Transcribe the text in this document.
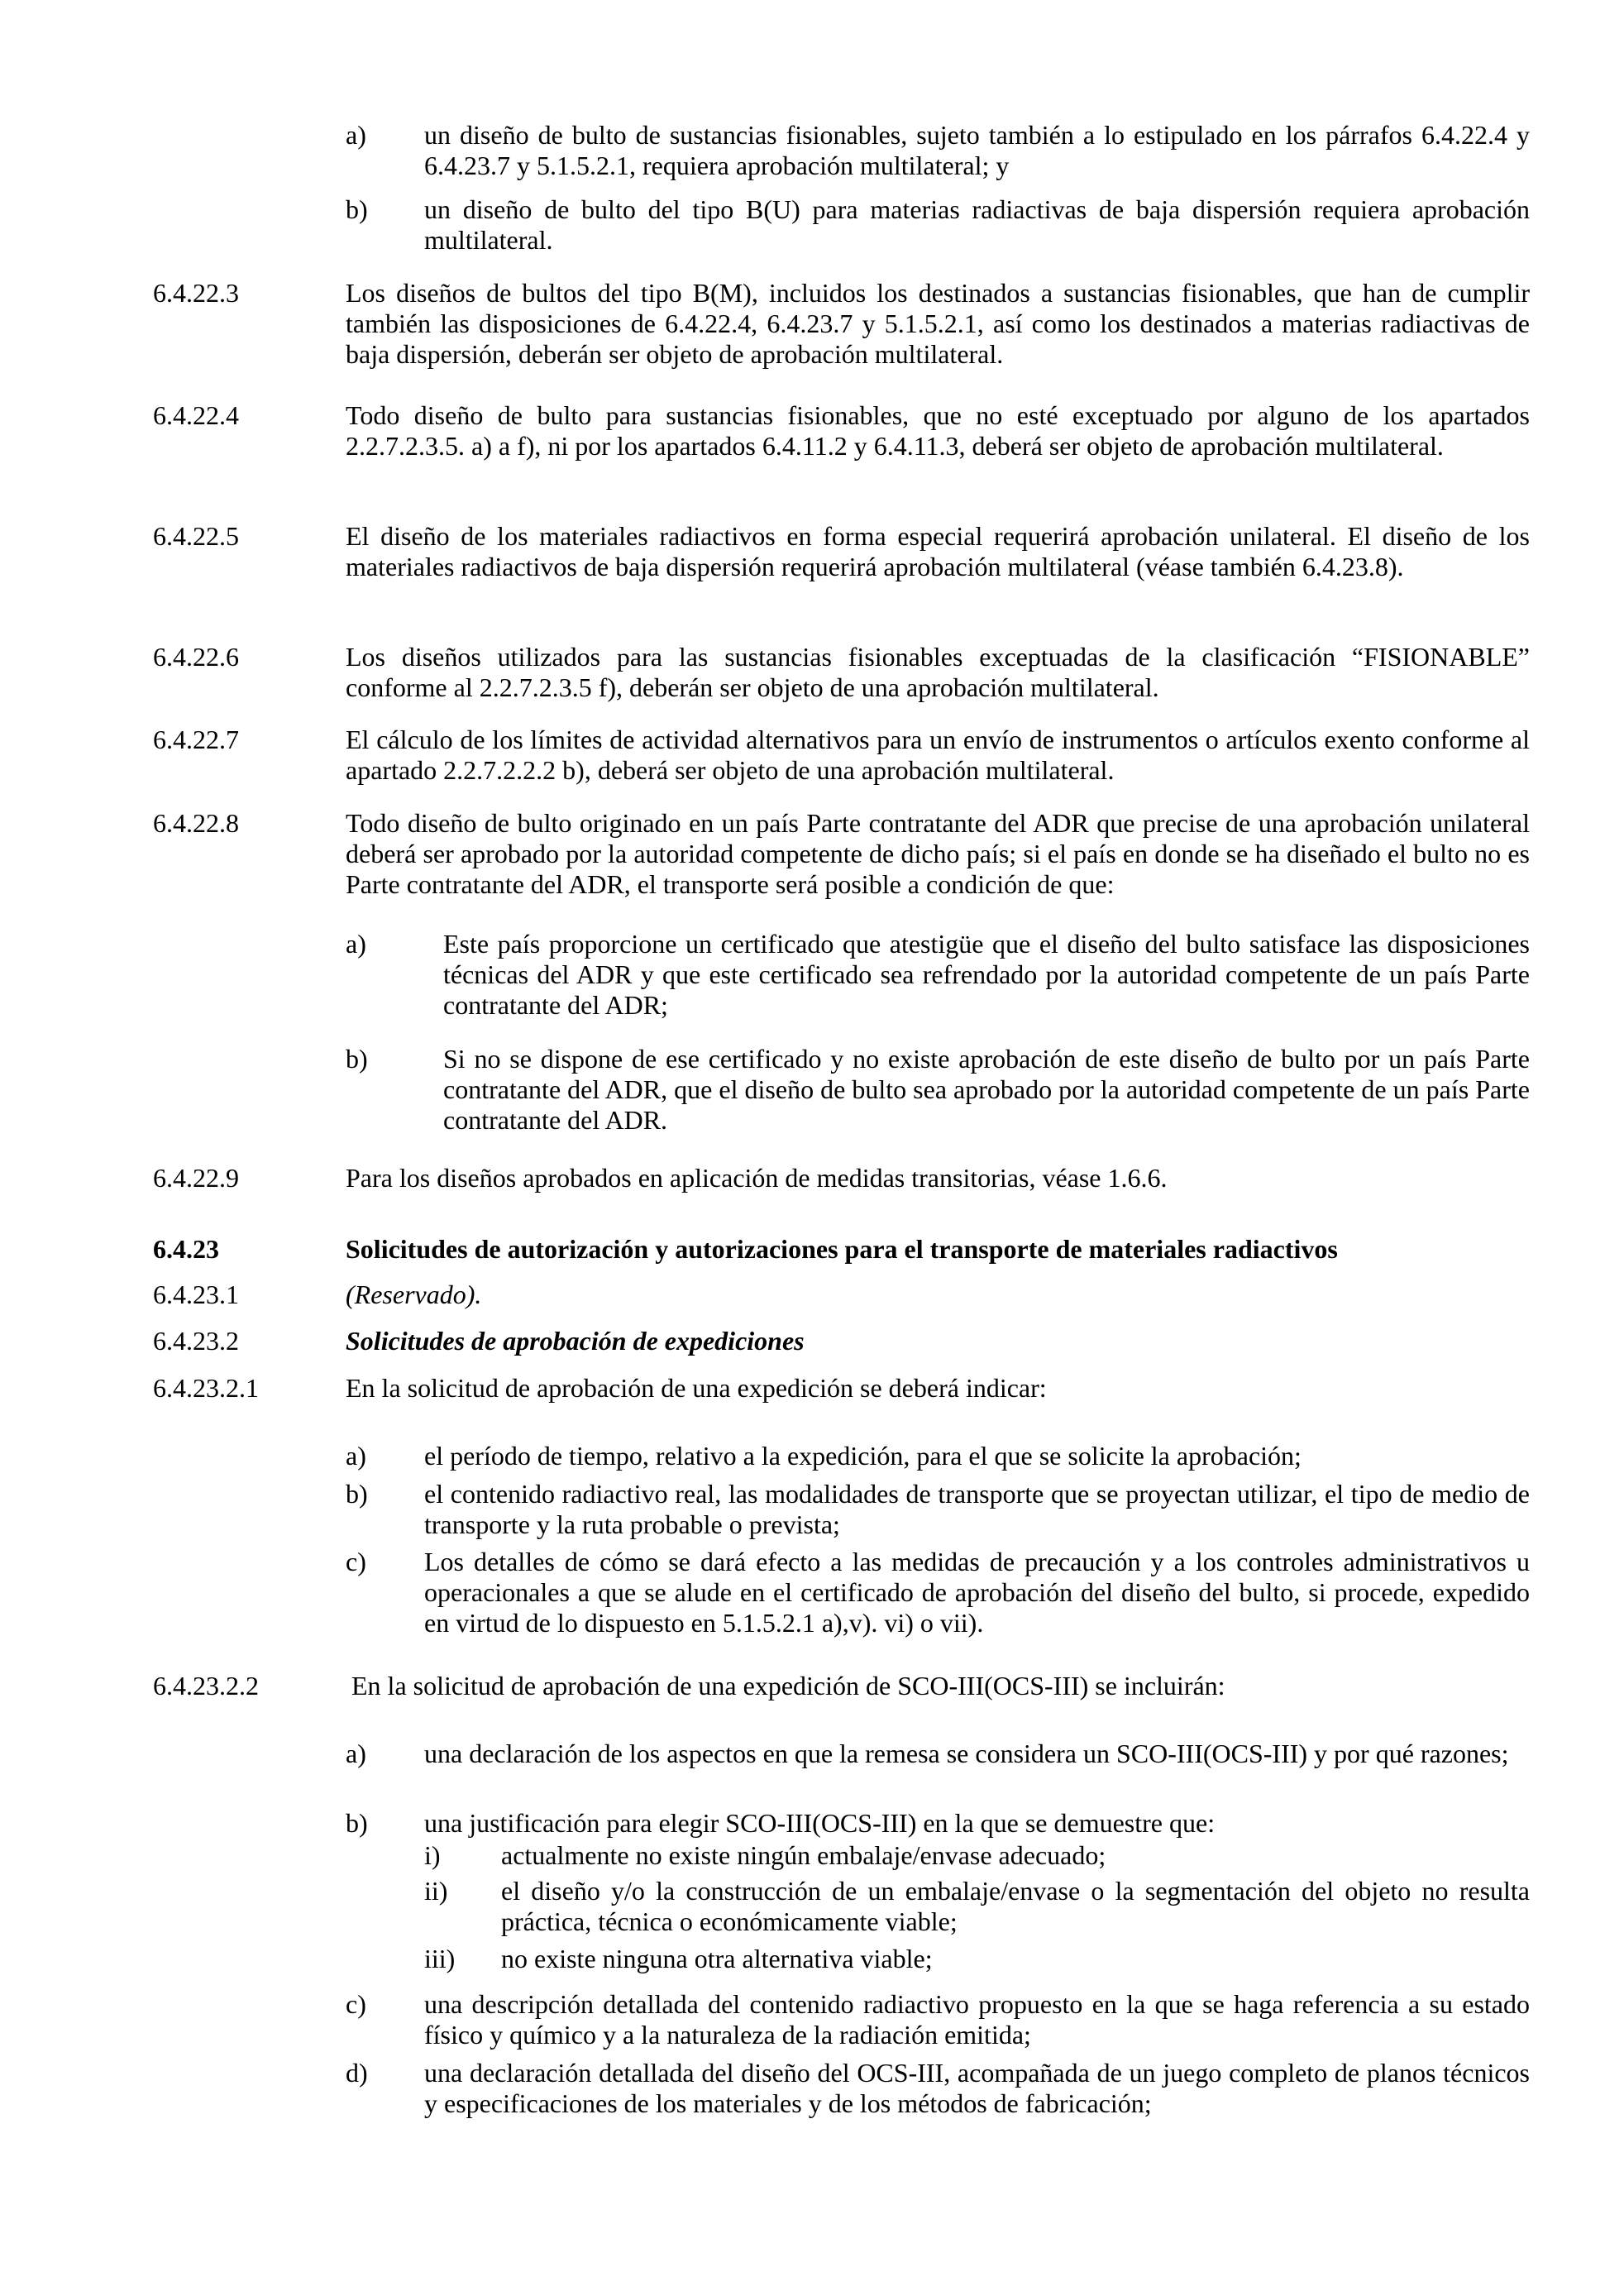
a) un diseño de bulto de sustancias fisionables, sujeto también a lo estipulado en los párrafos 6.4.22.4 y 6.4.23.7 y 5.1.5.2.1, requiera aprobación multilateral; y
b) un diseño de bulto del tipo B(U) para materias radiactivas de baja dispersión requiera aprobación multilateral.
6.4.22.3	Los diseños de bultos del tipo B(M), incluidos los destinados a sustancias fisionables, que han de cumplir también las disposiciones de 6.4.22.4, 6.4.23.7 y 5.1.5.2.1, así como los destinados a materias radiactivas de baja dispersión, deberán ser objeto de aprobación multilateral.
6.4.22.4	Todo diseño de bulto para sustancias fisionables, que no esté exceptuado por alguno de los apartados 2.2.7.2.3.5. a) a f), ni por los apartados 6.4.11.2 y 6.4.11.3, deberá ser objeto de aprobación multilateral.
6.4.22.5	El diseño de los materiales radiactivos en forma especial requerirá aprobación unilateral. El diseño de los materiales radiactivos de baja dispersión requerirá aprobación multilateral (véase también 6.4.23.8).
6.4.22.6	Los diseños utilizados para las sustancias fisionables exceptuadas de la clasificación “FISIONABLE” conforme al 2.2.7.2.3.5 f), deberán ser objeto de una aprobación multilateral.
6.4.22.7	El cálculo de los límites de actividad alternativos para un envío de instrumentos o artículos exento conforme al apartado 2.2.7.2.2.2 b), deberá ser objeto de una aprobación multilateral.
6.4.22.8	Todo diseño de bulto originado en un país Parte contratante del ADR que precise de una aprobación unilateral deberá ser aprobado por la autoridad competente de dicho país; si el país en donde se ha diseñado el bulto no es Parte contratante del ADR, el transporte será posible a condición de que:
a)	Este país proporcione un certificado que atestigüe que el diseño del bulto satisface las disposiciones técnicas del ADR y que este certificado sea refrendado por la autoridad competente de un país Parte contratante del ADR;
b)	Si no se dispone de ese certificado y no existe aprobación de este diseño de bulto por un país Parte contratante del ADR, que el diseño de bulto sea aprobado por la autoridad competente de un país Parte contratante del ADR.
6.4.22.9	Para los diseños aprobados en aplicación de medidas transitorias, véase 1.6.6.
6.4.23	Solicitudes de autorización y autorizaciones para el transporte de materiales radiactivos
6.4.23.1	(Reservado).
6.4.23.2	Solicitudes de aprobación de expediciones
6.4.23.2.1	En la solicitud de aprobación de una expedición se deberá indicar:
a) el período de tiempo, relativo a la expedición, para el que se solicite la aprobación;
b) el contenido radiactivo real, las modalidades de transporte que se proyectan utilizar, el tipo de medio de transporte y la ruta probable o prevista;
c) Los detalles de cómo se dará efecto a las medidas de precaución y a los controles administrativos u operacionales a que se alude en el certificado de aprobación del diseño del bulto, si procede, expedido en virtud de lo dispuesto en 5.1.5.2.1 a),v). vi) o vii).
6.4.23.2.2	En la solicitud de aprobación de una expedición de SCO-III(OCS-III) se incluirán:
a) una declaración de los aspectos en que la remesa se considera un SCO-III(OCS-III) y por qué razones;
b) una justificación para elegir SCO-III(OCS-III) en la que se demuestre que:
i) actualmente no existe ningún embalaje/envase adecuado;
ii) el diseño y/o la construcción de un embalaje/envase o la segmentación del objeto no resulta práctica, técnica o económicamente viable;
iii) no existe ninguna otra alternativa viable;
c) una descripción detallada del contenido radiactivo propuesto en la que se haga referencia a su estado físico y químico y a la naturaleza de la radiación emitida;
d) una declaración detallada del diseño del OCS-III, acompañada de un juego completo de planos técnicos y especificaciones de los materiales y de los métodos de fabricación;
